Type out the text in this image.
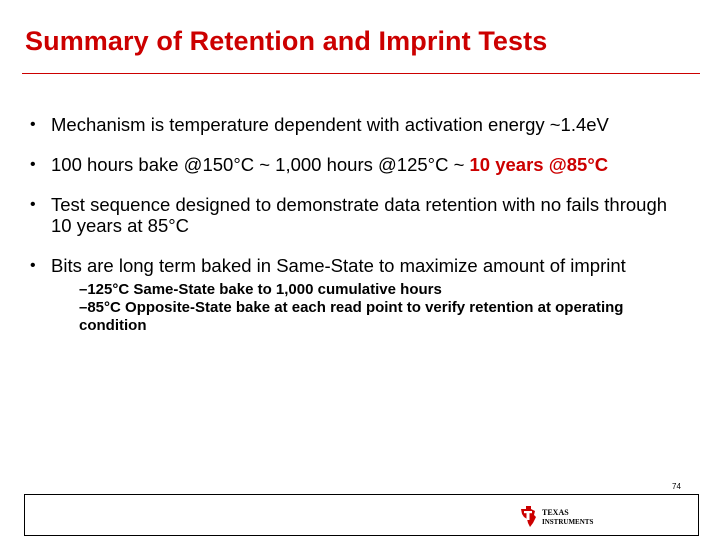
Summary of Retention and Imprint Tests
• Mechanism is temperature dependent with activation energy ~1.4eV
• 100 hours bake @150°C ~ 1,000 hours @125°C ~ 10 years @85°C
• Test sequence designed to demonstrate data retention with no fails through 10 years at 85°C
• Bits are long term baked in Same-State to maximize amount of imprint
–125°C Same-State bake to 1,000 cumulative hours
–85°C Opposite-State bake at each read point to verify retention at operating condition
74
TEXAS
INSTRUMENTS
